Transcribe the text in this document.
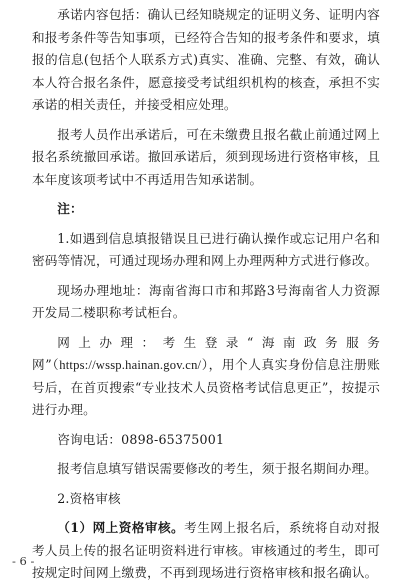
承诺内容包括：确认已经知晓规定的证明义务、证明内容和报考条件等告知事项，已经符合告知的报考条件和要求，填报的信息(包括个人联系方式)真实、准确、完整、有效，确认本人符合报名条件，愿意接受考试组织机构的核查，承担不实承诺的相关责任，并接受相应处理。

报考人员作出承诺后，可在未缴费且报名截止前通过网上报名系统撤回承诺。撤回承诺后，须到现场进行资格审核，且本年度该项考试中不再适用告知承诺制。

注：

1.如遇到信息填报错误且已进行确认操作或忘记用户名和密码等情况，可通过现场办理和网上办理两种方式进行修改。

现场办理地址：海南省海口市和邦路3号海南省人力资源开发局二楼职称考试柜台。

网上办理：考生登录“海南政务服务网”（https://wssp.hainan.gov.cn/），用个人真实身份信息注册账号后，在首页搜索“专业技术人员资格考试信息更正”，按提示进行办理。

咨询电话：0898-65375001

报考信息填写错误需要修改的考生，须于报名期间办理。

2.资格审核

（1）网上资格审核。考生网上报名后，系统将自动对报考人员上传的报名证明资料进行审核。审核通过的考生，即可按规定时间网上缴费，不再到现场进行资格审核和报名确认。

- 6 -
